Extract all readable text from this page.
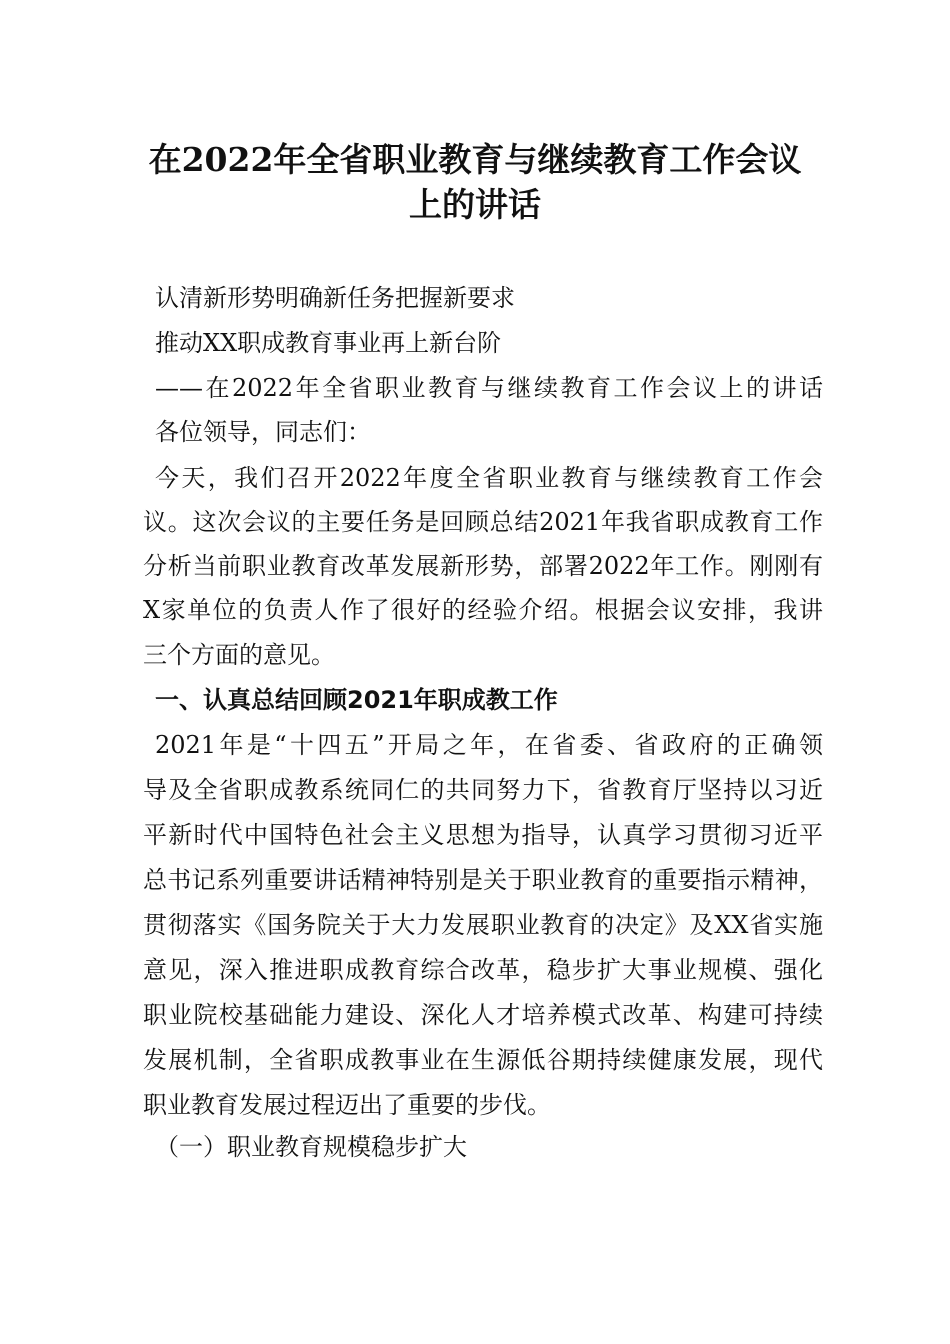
在2022年全省职业教育与继续教育工作会议
上的讲话
认清新形势明确新任务把握新要求
推动XX职成教育事业再上新台阶
——在2022年全省职业教育与继续教育工作会议上的讲话
各位领导，同志们：
今天，我们召开2022年度全省职业教育与继续教育工作会
议。这次会议的主要任务是回顾总结2021年我省职成教育工作
分析当前职业教育改革发展新形势，部署2022年工作。刚刚有
X家单位的负责人作了很好的经验介绍。根据会议安排，我讲
三个方面的意见。
一、认真总结回顾2021年职成教工作
2021年是“十四五”开局之年，在省委、省政府的正确领
导及全省职成教系统同仁的共同努力下，省教育厅坚持以习近
平新时代中国特色社会主义思想为指导，认真学习贯彻习近平
总书记系列重要讲话精神特别是关于职业教育的重要指示精神，
贯彻落实《国务院关于大力发展职业教育的决定》及XX省实施
意见，深入推进职成教育综合改革，稳步扩大事业规模、强化
职业院校基础能力建设、深化人才培养模式改革、构建可持续
发展机制，全省职成教事业在生源低谷期持续健康发展，现代
职业教育发展过程迈出了重要的步伐。
（一）职业教育规模稳步扩大
